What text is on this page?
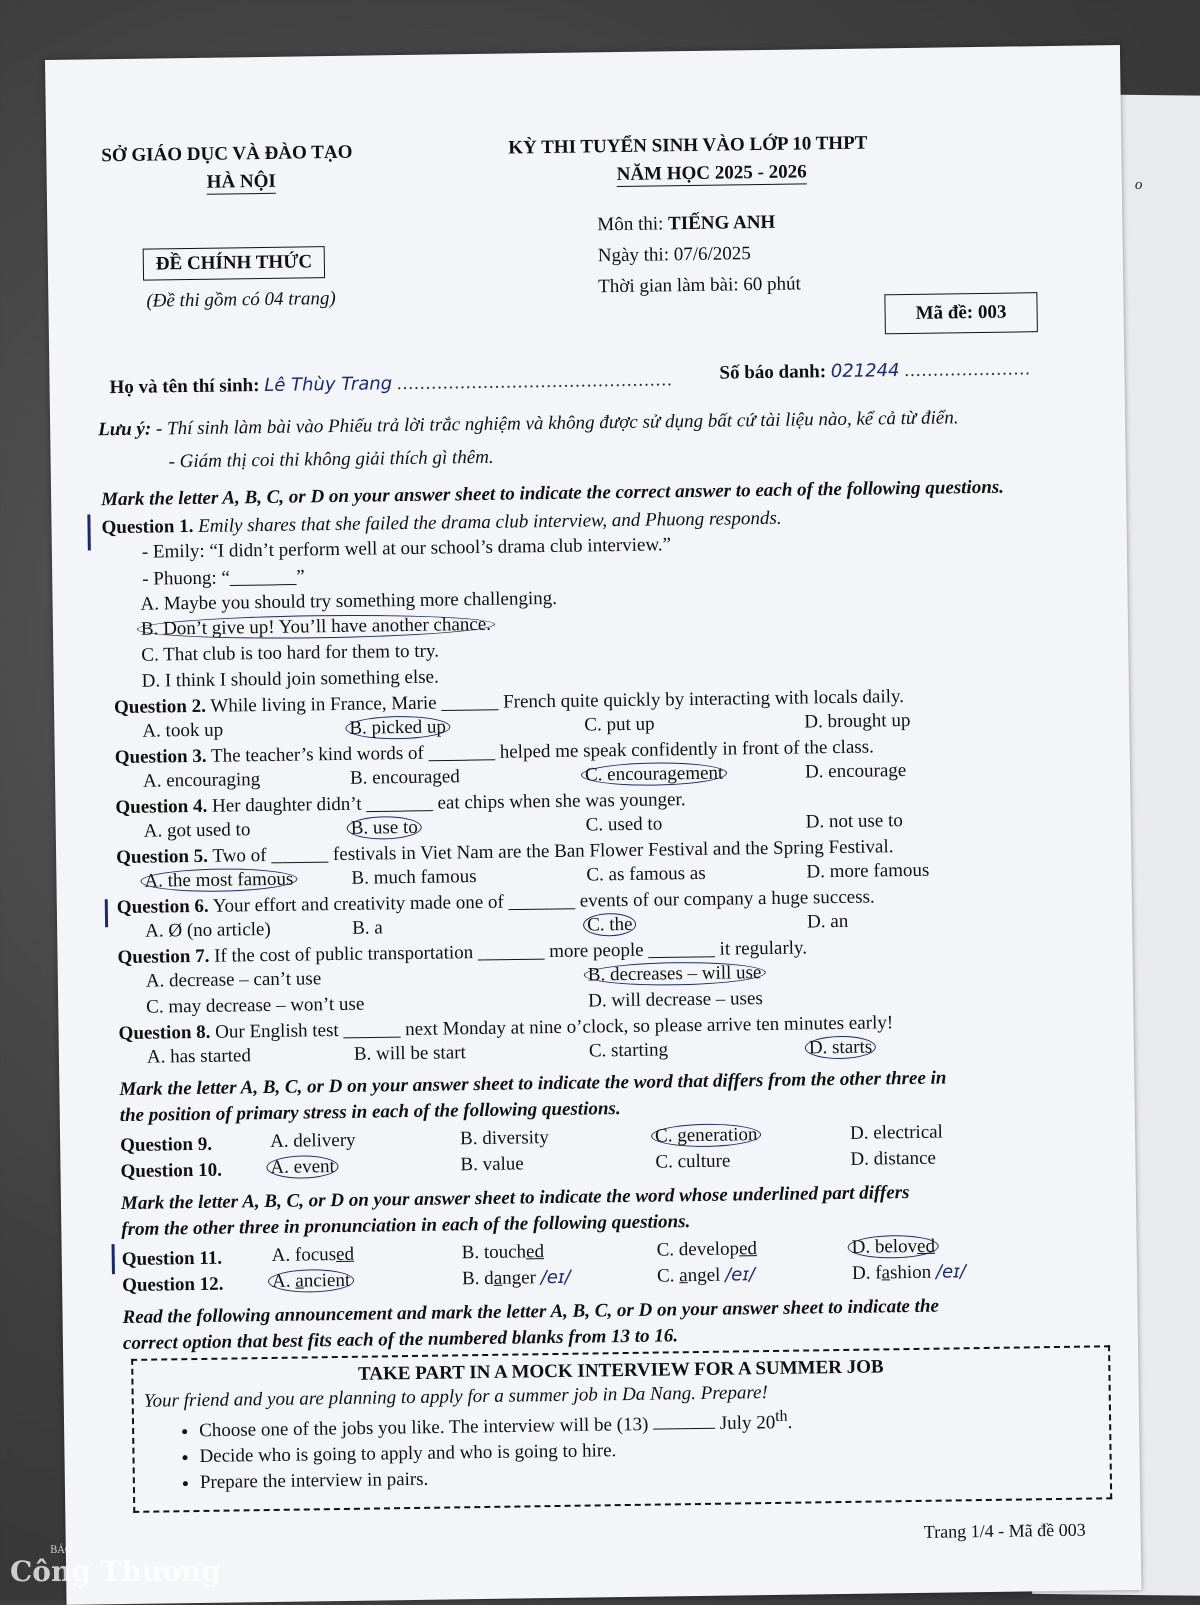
o
SỞ GIÁO DỤC VÀ ĐÀO TẠO
HÀ NỘI
KỲ THI TUYỂN SINH VÀO LỚP 10 THPT
NĂM HỌC 2025 - 2026
ĐỀ CHÍNH THỨC
(Đề thi gồm có 04 trang)
Môn thi: TIẾNG ANH
Ngày thi: 07/6/2025
Thời gian làm bài: 60 phút
Mã đề: 003
Họ và tên thí sinh: Lê Thùy Trang ................................................ Số báo danh: 021244 ......................
Lưu ý: - Thí sinh làm bài vào Phiếu trả lời trắc nghiệm và không được sử dụng bất cứ tài liệu nào, kể cả từ điển.
- Giám thị coi thi không giải thích gì thêm.
Mark the letter A, B, C, or D on your answer sheet to indicate the correct answer to each of the following questions.
Question 1. Emily shares that she failed the drama club interview, and Phuong responds.
- Emily: “I didn’t perform well at our school’s drama club interview.”
- Phuong: “_______”
A. Maybe you should try something more challenging.
B. Don’t give up! You’ll have another chance.
C. That club is too hard for them to try.
D. I think I should join something else.
Question 2. While living in France, Marie ______ French quite quickly by interacting with locals daily.
A. took up	B. picked up	C. put up	D. brought up
Question 3. The teacher’s kind words of _______ helped me speak confidently in front of the class.
A. encouraging	B. encouraged	C. encouragement	D. encourage
Question 4. Her daughter didn’t _______ eat chips when she was younger.
A. got used to	B. use to	C. used to	D. not use to
Question 5. Two of ______ festivals in Viet Nam are the Ban Flower Festival and the Spring Festival.
A. the most famous	B. much famous	C. as famous as	D. more famous
Question 6. Your effort and creativity made one of _______ events of our company a huge success.
A. Ø (no article)	B. a	C. the	D. an
Question 7. If the cost of public transportation _______ more people _______ it regularly.
A. decrease – can’t use	B. decreases – will use
C. may decrease – won’t use	D. will decrease – uses
Question 8. Our English test ______ next Monday at nine o’clock, so please arrive ten minutes early!
A. has started	B. will be start	C. starting	D. starts
Mark the letter A, B, C, or D on your answer sheet to indicate the word that differs from the other three in
the position of primary stress in each of the following questions.
Question 9.	A. delivery	B. diversity	C. generation	D. electrical
Question 10.	A. event	B. value	C. culture	D. distance
Mark the letter A, B, C, or D on your answer sheet to indicate the word whose underlined part differs
from the other three in pronunciation in each of the following questions.
Question 11.	A. focused	B. touched	C. developed	D. beloved
Question 12.	A. ancient	B. danger /eɪ/	C. angel /eɪ/	D. fashion /eɪ/
Read the following announcement and mark the letter A, B, C, or D on your answer sheet to indicate the
correct option that best fits each of the numbered blanks from 13 to 16.
TAKE PART IN A MOCK INTERVIEW FOR A SUMMER JOB
Your friend and you are planning to apply for a summer job in Da Nang. Prepare!
• Choose one of the jobs you like. The interview will be (13)	July 20th.
• Decide who is going to apply and who is going to hire.
• Prepare the interview in pairs.
Trang 1/4 - Mã đề 003
BÁO
Công Thương
